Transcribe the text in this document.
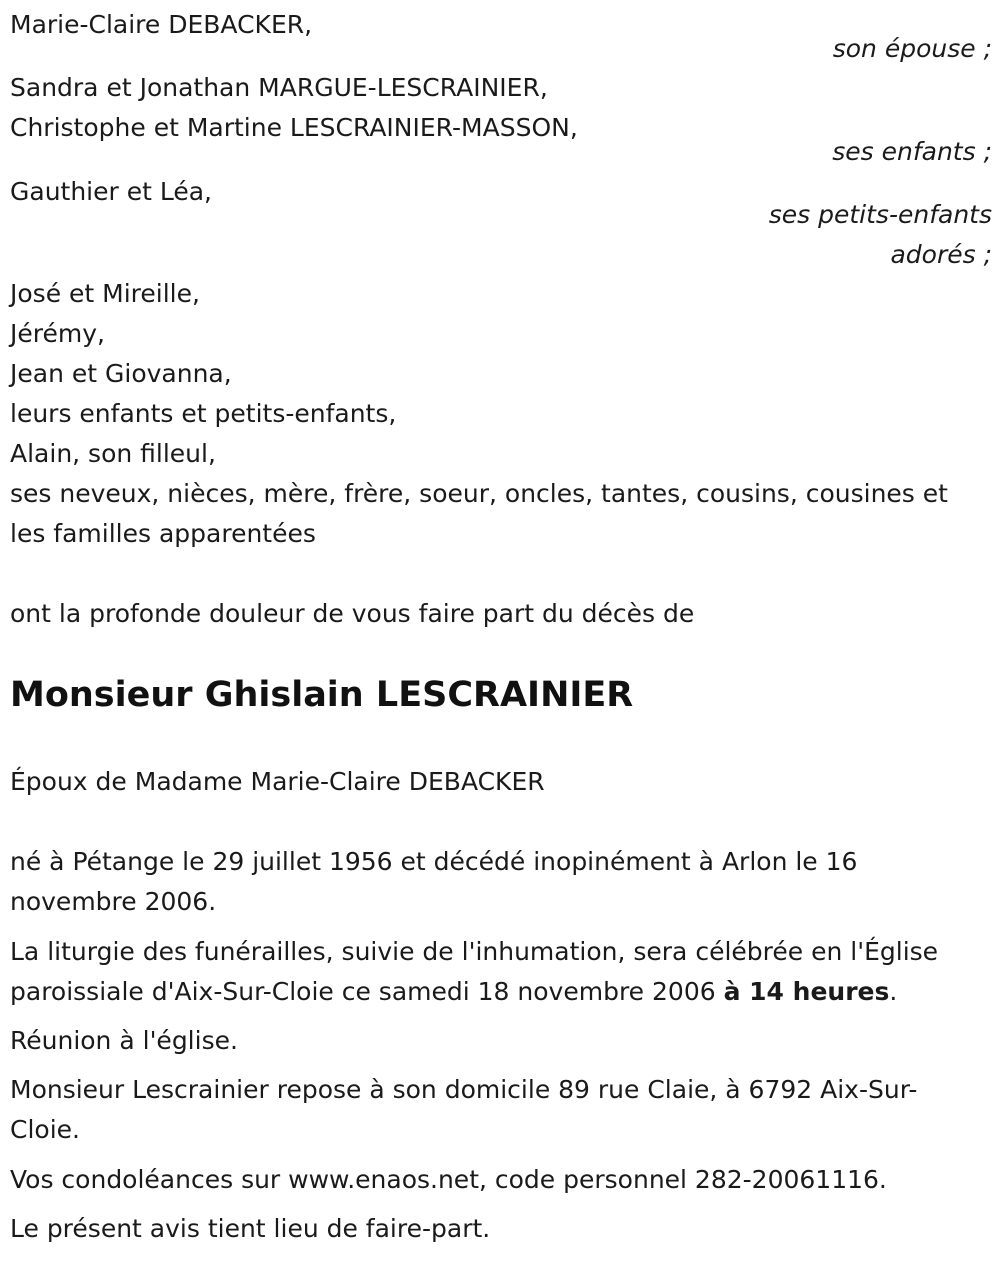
Marie-Claire DEBACKER,
son épouse ;
Sandra et Jonathan MARGUE-LESCRAINIER,
Christophe et Martine LESCRAINIER-MASSON,
ses enfants ;
Gauthier et Léa,
ses petits-enfants
adorés ;
José et Mireille,
Jérémy,
Jean et Giovanna,
leurs enfants et petits-enfants,
Alain, son filleul,
ses neveux, nièces, mère, frère, soeur, oncles, tantes, cousins, cousines et
les familles apparentées
ont la profonde douleur de vous faire part du décès de
Monsieur Ghislain LESCRAINIER
Époux de Madame Marie-Claire DEBACKER
né à Pétange le 29 juillet 1956 et décédé inopinément à Arlon le 16 novembre 2006.
La liturgie des funérailles, suivie de l'inhumation, sera célébrée en l'Église paroissiale d'Aix-Sur-Cloie ce samedi 18 novembre 2006 à 14 heures.
Réunion à l'église.
Monsieur Lescrainier repose à son domicile 89 rue Claie, à 6792 Aix-Sur-Cloie.
Vos condoléances sur www.enaos.net, code personnel 282-20061116.
Le présent avis tient lieu de faire-part.
